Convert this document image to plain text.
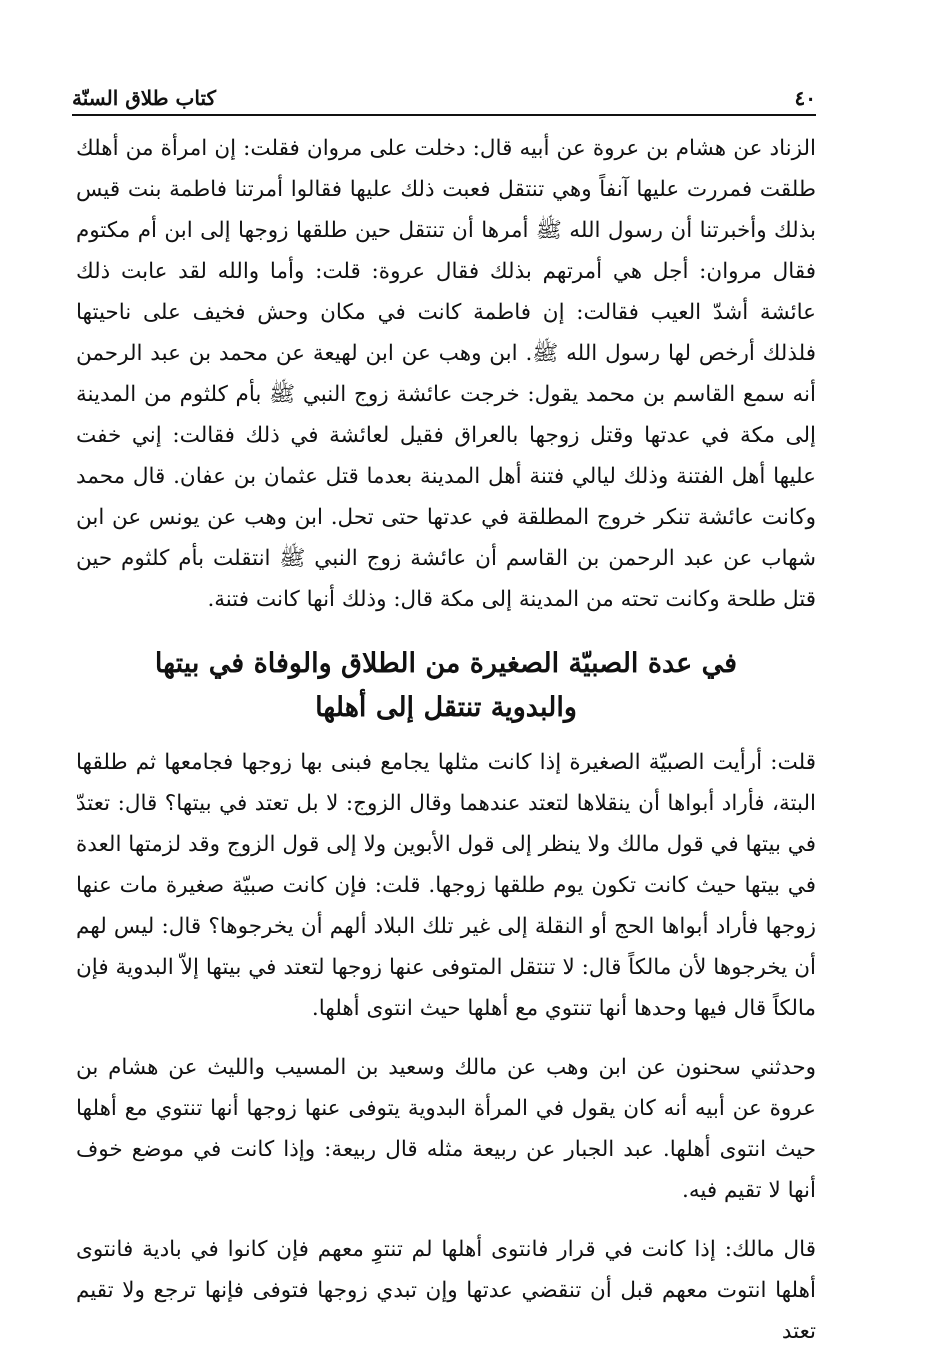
٤٠
كتاب طلاق السنّة

الزناد عن هشام بن عروة عن أبيه قال: دخلت على مروان فقلت: إن امرأة من أهلك طلقت فمررت عليها آنفاً وهي تنتقل فعبت ذلك عليها فقالوا أمرتنا فاطمة بنت قيس بذلك وأخبرتنا أن رسول الله ﷺ أمرها أن تنتقل حين طلقها زوجها إلى ابن أم مكتوم فقال مروان: أجل هي أمرتهم بذلك فقال عروة: قلت: وأما والله لقد عابت ذلك عائشة أشدّ العيب فقالت: إن فاطمة كانت في مكان وحش فخيف على ناحيتها فلذلك أرخص لها رسول الله ﷺ. ابن وهب عن ابن لهيعة عن محمد بن عبد الرحمن أنه سمع القاسم بن محمد يقول: خرجت عائشة زوج النبي ﷺ بأم كلثوم من المدينة إلى مكة في عدتها وقتل زوجها بالعراق فقيل لعائشة في ذلك فقالت: إني خفت عليها أهل الفتنة وذلك ليالي فتنة أهل المدينة بعدما قتل عثمان بن عفان. قال محمد وكانت عائشة تنكر خروج المطلقة في عدتها حتى تحل. ابن وهب عن يونس عن ابن شهاب عن عبد الرحمن بن القاسم أن عائشة زوج النبي ﷺ انتقلت بأم كلثوم حين قتل طلحة وكانت تحته من المدينة إلى مكة قال: وذلك أنها كانت فتنة.

في عدة الصبيّة الصغيرة من الطلاق والوفاة في بيتها
والبدوية تنتقل إلى أهلها

قلت: أرأيت الصبيّة الصغيرة إذا كانت مثلها يجامع فبنى بها زوجها فجامعها ثم طلقها البتة، فأراد أبواها أن ينقلاها لتعتد عندهما وقال الزوج: لا بل تعتد في بيتها؟ قال: تعتدّ في بيتها في قول مالك ولا ينظر إلى قول الأبوين ولا إلى قول الزوج وقد لزمتها العدة في بيتها حيث كانت تكون يوم طلقها زوجها. قلت: فإن كانت صبيّة صغيرة مات عنها زوجها فأراد أبواها الحج أو النقلة إلى غير تلك البلاد ألهم أن يخرجوها؟ قال: ليس لهم أن يخرجوها لأن مالكاً قال: لا تنتقل المتوفى عنها زوجها لتعتد في بيتها إلاّ البدوية فإن مالكاً قال فيها وحدها أنها تنتوي مع أهلها حيث انتوى أهلها.

وحدثني سحنون عن ابن وهب عن مالك وسعيد بن المسيب والليث عن هشام بن عروة عن أبيه أنه كان يقول في المرأة البدوية يتوفى عنها زوجها أنها تنتوي مع أهلها حيث انتوى أهلها. عبد الجبار عن ربيعة مثله قال ربيعة: وإذا كانت في موضع خوف أنها لا تقيم فيه.

قال مالك: إذا كانت في قرار فانتوى أهلها لم تنتوِ معهم فإن كانوا في بادية فانتوى أهلها انتوت معهم قبل أن تنقضي عدتها وإن تبدي زوجها فتوفى فإنها ترجع ولا تقيم تعتد
